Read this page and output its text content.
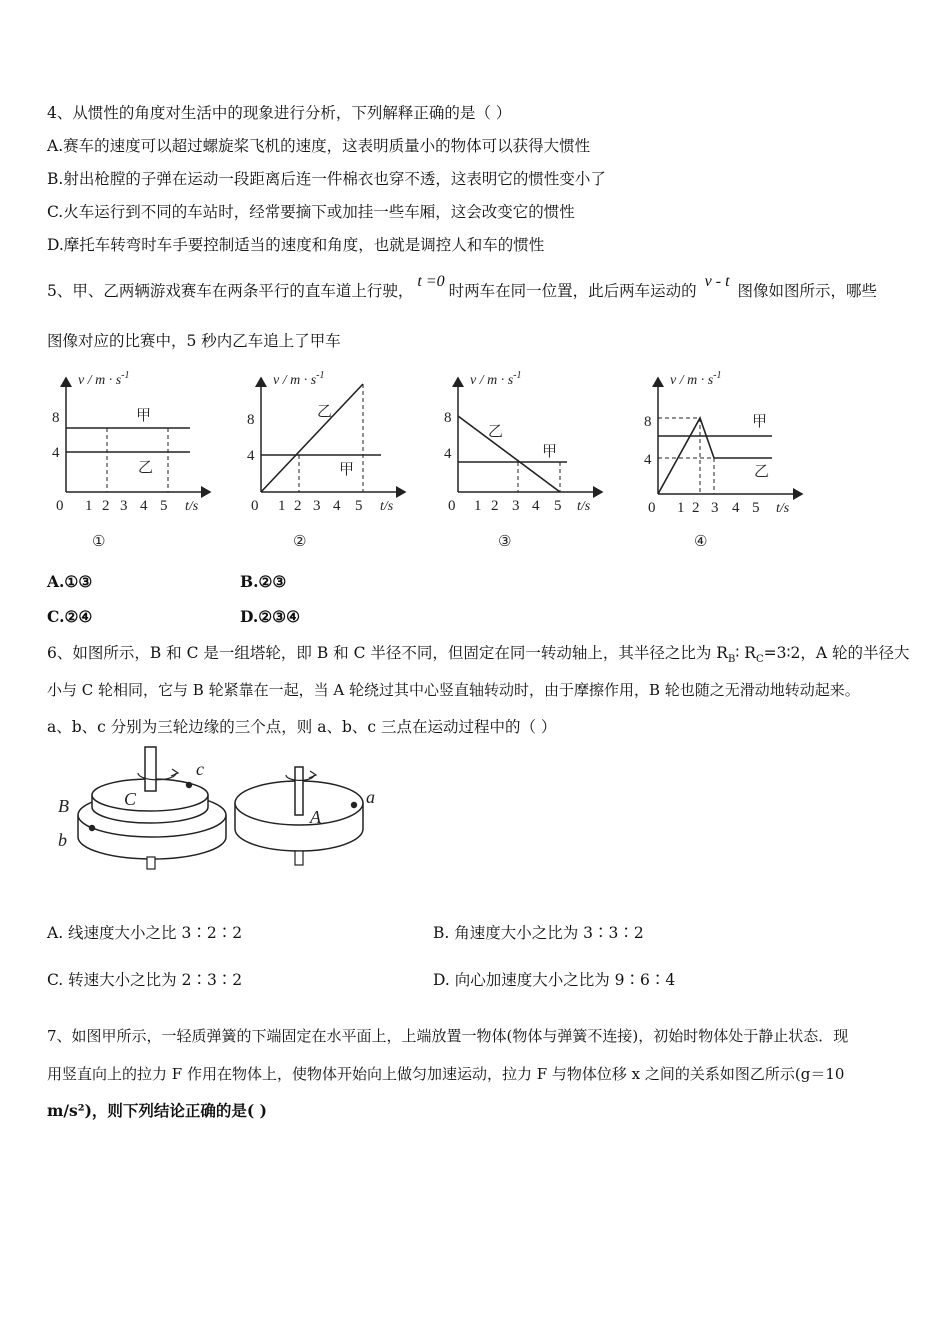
4、从惯性的角度对生活中的现象进行分析，下列解释正确的是（ ）
A.赛车的速度可以超过螺旋桨飞机的速度，这表明质量小的物体可以获得大惯性
B.射出枪膛的子弹在运动一段距离后连一件棉衣也穿不透，这表明它的惯性变小了
C.火车运行到不同的车站时，经常要摘下或加挂一些车厢，这会改变它的惯性
D.摩托车转弯时车手要控制适当的速度和角度，也就是调控人和车的惯性
5、甲、乙两辆游戏赛车在两条平行的直车道上行驶，t =0时两车在同一位置，此后两车运动的v - t图像如图所示，哪些
图像对应的比赛中，5 秒内乙车追上了甲车
$v / m \cdot s^{-1}$
8
4
甲
乙
0 1 2 3 4 5 t/s
①
$v / m \cdot s^{-1}$
8
4
乙
甲
0 1 2 3 4 5 t/s
②
$v / m \cdot s^{-1}$
8
4
乙
甲
0 1 2 3 4 5 t/s
③
$v / m \cdot s^{-1}$
8
4
甲
乙
0 1 2 3 4 5 t/s
④
A.①③	B.②③
C.②④	D.②③④
6、如图所示，B 和 C 是一组塔轮，即 B 和 C 半径不同，但固定在同一转动轴上，其半径之比为 $R_B∶$ $R_C=3∶2$，A 轮的半径大
小与 C 轮相同，它与 B 轮紧靠在一起，当 A 轮绕过其中心竖直轴转动时，由于摩擦作用，B 轮也随之无滑动地转动起来。
a、b、c 分别为三轮边缘的三个点，则 a、b、c 三点在运动过程中的（ ）
B
b
C
c
A
a
A. 线速度大小之比 3∶2∶2	B. 角速度大小之比为 3∶3∶2
C. 转速大小之比为 2∶3∶2	D. 向心加速度大小之比为 9∶6∶4
7、如图甲所示，一轻质弹簧的下端固定在水平面上，上端放置一物体(物体与弹簧不连接)，初始时物体处于静止状态．现
用竖直向上的拉力 F 作用在物体上，使物体开始向上做匀加速运动，拉力 F 与物体位移 x 之间的关系如图乙所示(g＝10
m/s²)，则下列结论正确的是( )
